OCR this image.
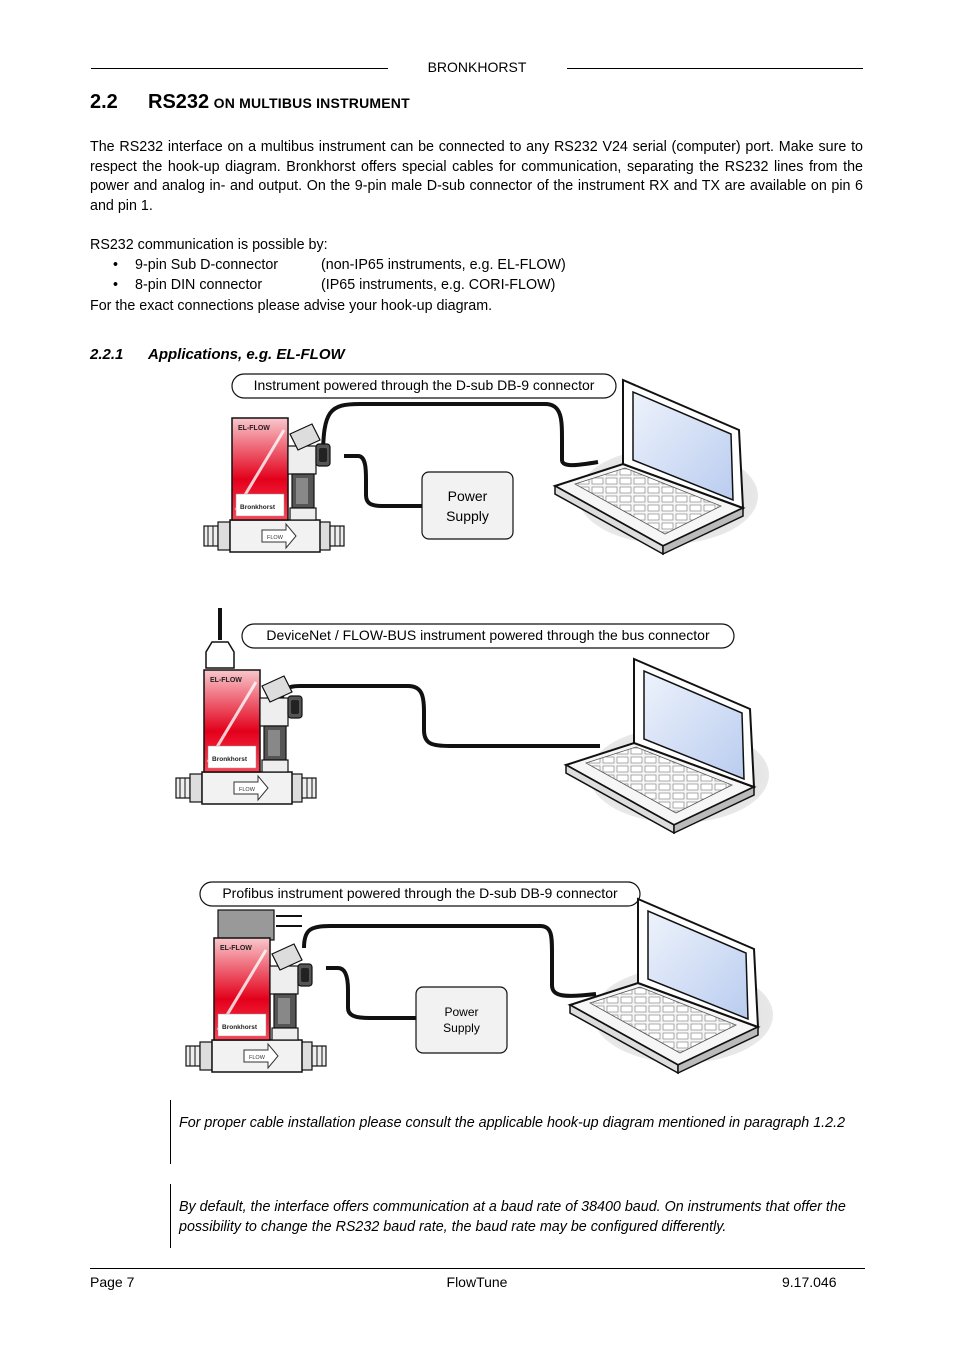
BRONKHORST
2.2 RS232 ON MULTIBUS INSTRUMENT
The RS232 interface on a multibus instrument can be connected to any RS232 V24 serial (computer) port. Make sure to respect the hook-up diagram. Bronkhorst offers special cables for communication, separating the RS232 lines from the power and analog in- and output. On the 9-pin male D-sub connector of the instrument RX and TX are available on pin 6 and pin 1.
RS232 communication is possible by:
• 9-pin Sub D-connector	(non-IP65 instruments, e.g. EL-FLOW)
• 8-pin DIN connector	(IP65 instruments, e.g. CORI-FLOW)
For the exact connections please advise your hook-up diagram.
2.2.1 Applications, e.g. EL-FLOW
FLOW
EL-FLOW
Bronkhorst
Instrument powered through the D-sub DB-9 connector
Power
Supply
DeviceNet / FLOW-BUS instrument powered through the bus connector
Profibus instrument powered through the D-sub DB-9 connector
Power
Supply
For proper cable installation please consult the applicable hook-up diagram mentioned in paragraph 1.2.2
By default, the interface offers communication at a baud rate of 38400 baud. On instruments that offer the possibility to change the RS232 baud rate, the baud rate may be configured differently.
Page 7	FlowTune	9.17.046
